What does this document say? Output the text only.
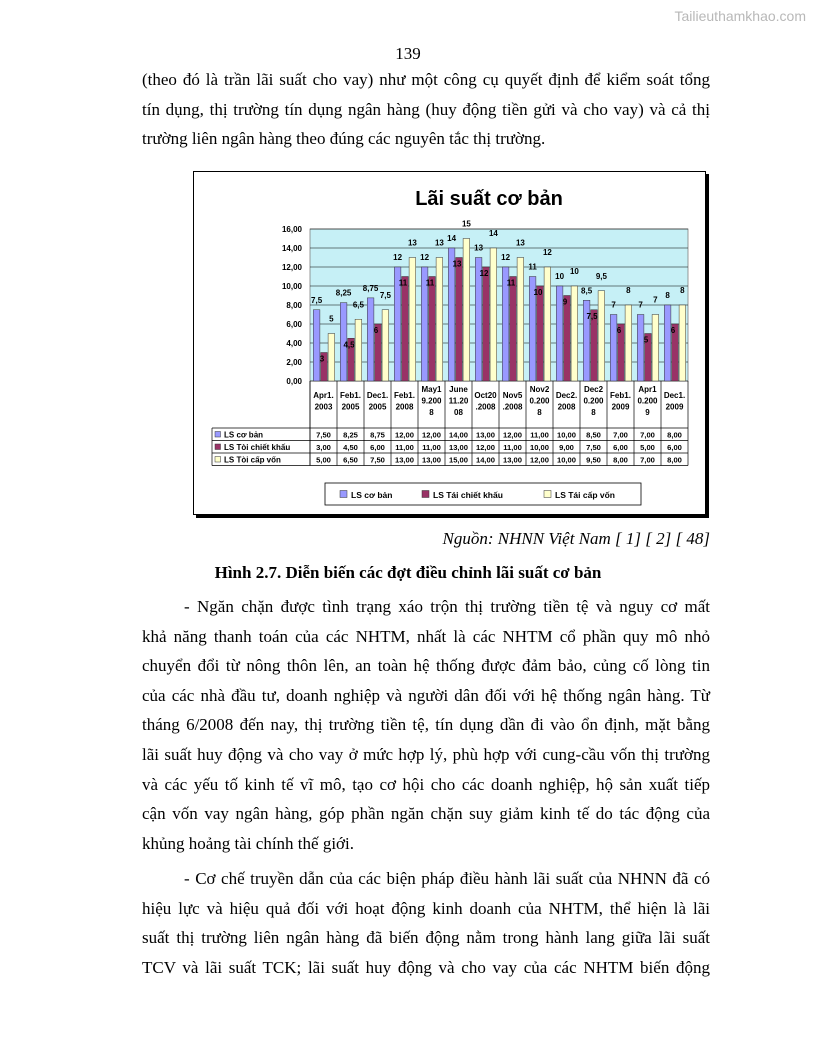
Tailieuthamkhao.com
139
(theo đó là trần lãi suất cho vay) như một công cụ quyết định để kiểm soát tổng
tín dụng, thị trường tín dụng ngân hàng (huy động tiền gửi và cho vay) và cả thị
trường liên ngân hàng theo đúng các nguyên tắc thị trường.
Lãi suất cơ bản
0,00
2,00
4,00
6,00
8,00
10,00
12,00
14,00
16,00
7,5
8,25
8,75
12 12
14
13
12
11
10
8,5
7	7
8
3
4,5
6
11 11
13
12
11
10
9
7,5
6
5
6
5
6,5
7,5
13 13
15
14
13
12
10
9,5
8
7
8
Apr1.
2003
Feb1.
2005
Dec1.
2005
Feb1.
2008
May1
9.200
8
June
11.20
08
Oct20
.2008
Nov5
.2008
Nov2
0.200
8
Dec2.
2008
Dec2
0.200
8
Feb1.
2009
Apr1
0.200
9
Dec1.
2009
LS cơ bản	7,50 8,25 8,75 12,00 12,00 14,00 13,00 12,00 11,00 10,00 8,50 7,00 7,00 8,00
LS Tòi chiết khấu	3,00 4,50 6,00 11,00 11,00 13,00 12,00 11,00 10,00 9,00 7,50 6,00 5,00 6,00
LS Tòi cấp vốn	5,00 6,50 7,50 13,00 13,00 15,00 14,00 13,00 12,00 10,00 9,50 8,00 7,00 8,00
LS cơ bản	LS Tái chiết khấu	LS Tái cấp vốn
Nguồn: NHNN Việt Nam [ 1] [ 2] [ 48]
Hình 2.7. Diễn biến các đợt điều chỉnh lãi suất cơ bản
- Ngăn chặn được tình trạng xáo trộn thị trường tiền tệ và nguy cơ mất
khả năng thanh toán của các NHTM, nhất là các NHTM cổ phần quy mô nhỏ
chuyển đổi từ nông thôn lên, an toàn hệ thống được đảm bảo, củng cố lòng tin
của các nhà đầu tư, doanh nghiệp và người dân đối với hệ thống ngân hàng. Từ
tháng 6/2008 đến nay, thị trường tiền tệ, tín dụng dần đi vào ổn định, mặt bằng
lãi suất huy động và cho vay ở mức hợp lý, phù hợp với cung-cầu vốn thị trường
và các yếu tố kinh tế vĩ mô, tạo cơ hội cho các doanh nghiệp, hộ sản xuất tiếp
cận vốn vay ngân hàng, góp phần ngăn chặn suy giảm kinh tế do tác động của
khủng hoảng tài chính thế giới.
- Cơ chế truyền dẫn của các biện pháp điều hành lãi suất của NHNN đã có
hiệu lực và hiệu quả đối với hoạt động kinh doanh của NHTM, thể hiện là lãi
suất thị trường liên ngân hàng đã biến động nằm trong hành lang giữa lãi suất
TCV và lãi suất TCK; lãi suất huy động và cho vay của các NHTM biến động
